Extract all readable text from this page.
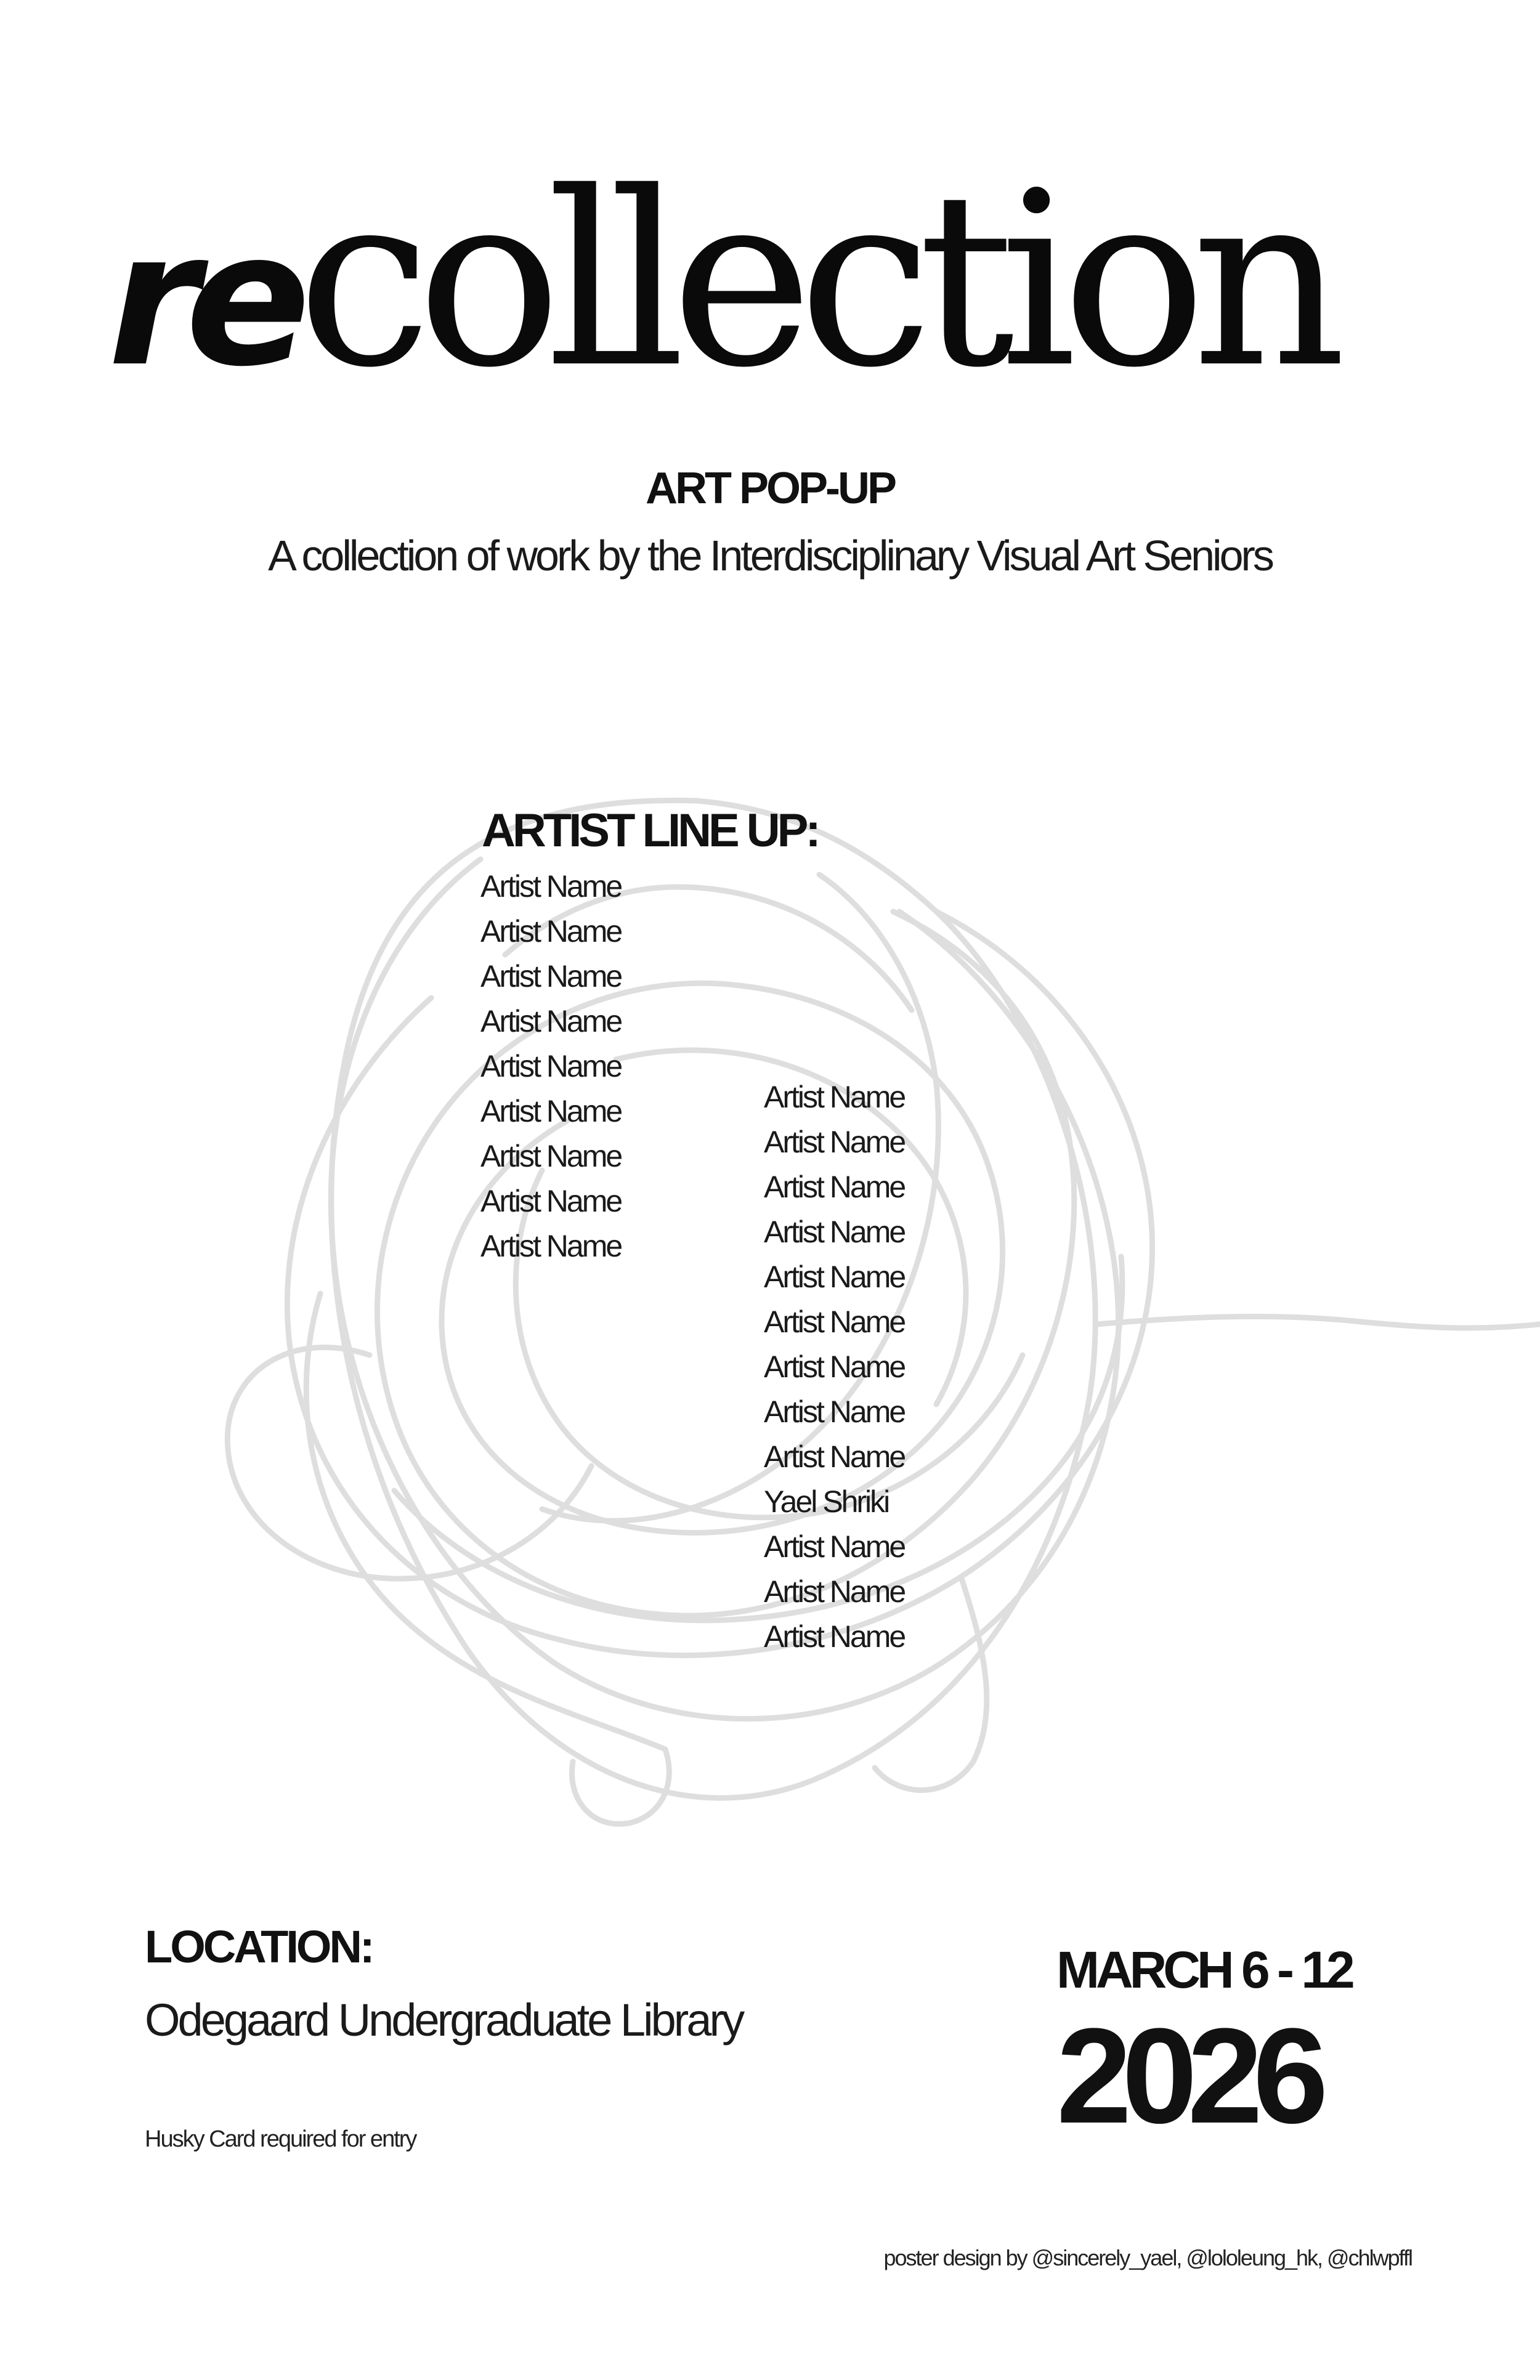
recollection
ART POP-UP
A collection of work by the Interdisciplinary Visual Art Seniors
ARTIST LINE UP:
Artist Name
Artist Name
Artist Name
Artist Name
Artist Name
Artist Name
Artist Name
Artist Name
Artist Name
Artist Name
Artist Name
Artist Name
Artist Name
Artist Name
Artist Name
Artist Name
Artist Name
Artist Name
Yael Shriki
Artist Name
Artist Name
Artist Name
LOCATION:
Odegaard Undergraduate Library
Husky Card required for entry
MARCH 6 - 12
2026
poster design by @sincerely_yael, @lololeung_hk, @chlwpffl
